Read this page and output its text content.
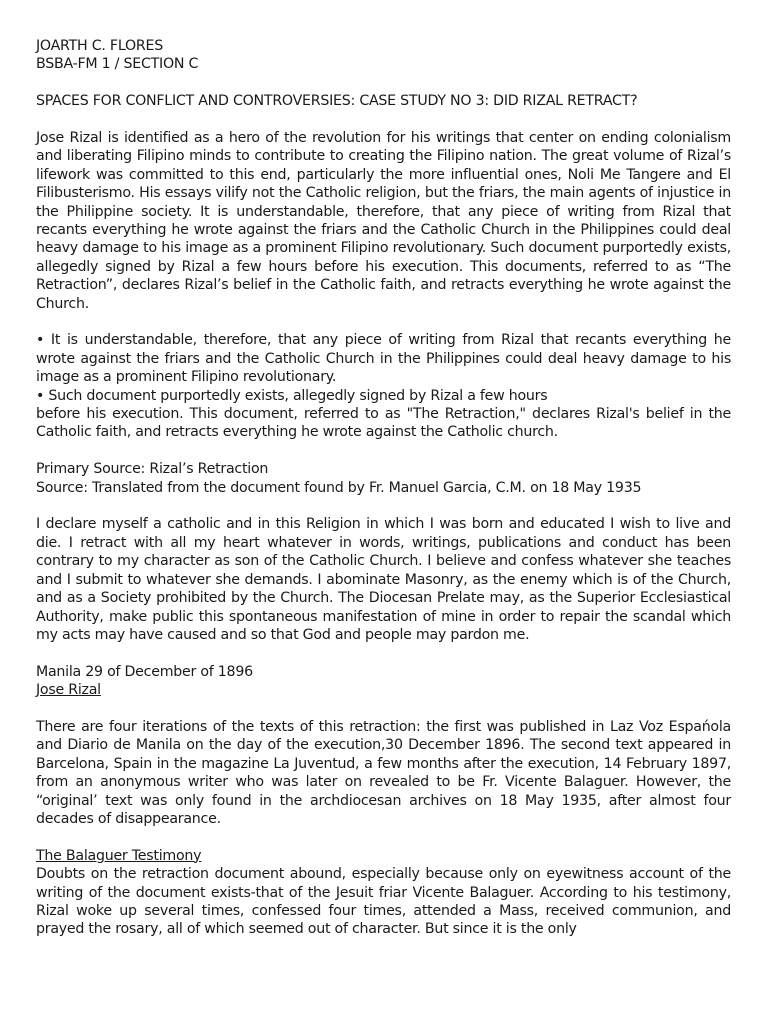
JOARTH C. FLORES
BSBA-FM 1 / SECTION C
SPACES FOR CONFLICT AND CONTROVERSIES: CASE STUDY NO 3: DID RIZAL RETRACT?

Jose Rizal is identified as a hero of the revolution for his writings that center on ending colonialism and liberating Filipino minds to contribute to creating the Filipino nation. The great volume of Rizal’s lifework was committed to this end, particularly the more influential ones, Noli Me Tangere and El Filibusterismo. His essays vilify not the Catholic religion, but the friars, the main agents of injustice in the Philippine society. It is understandable, therefore, that any piece of writing from Rizal that recants everything he wrote against the friars and the Catholic Church in the Philippines could deal heavy damage to his image as a prominent Filipino revolutionary. Such document purportedly exists, allegedly signed by Rizal a few hours before his execution. This documents, referred to as “The Retraction”, declares Rizal’s belief in the Catholic faith, and retracts everything he wrote against the Church.

• It is understandable, therefore, that any piece of writing from Rizal that recants everything he wrote against the friars and the Catholic Church in the Philippines could deal heavy damage to his image as a prominent Filipino revolutionary.

• Such document purportedly exists, allegedly signed by Rizal a few hours

before his execution. This document, referred to as "The Retraction," declares Rizal's belief in the Catholic faith, and retracts everything he wrote against the Catholic church.

Primary Source: Rizal’s Retraction
Source: Translated from the document found by Fr. Manuel Garcia, C.M. on 18 May 1935

I declare myself a catholic and in this Religion in which I was born and educated I wish to live and die. I retract with all my heart whatever in words, writings, publications and conduct has been contrary to my character as son of the Catholic Church. I believe and confess whatever she teaches and I submit to whatever she demands. I abominate Masonry, as the enemy which is of the Church, and as a Society prohibited by the Church. The Diocesan Prelate may, as the Superior Ecclesiastical Authority, make public this spontaneous manifestation of mine in order to repair the scandal which my acts may have caused and so that God and people may pardon me.

Manila 29 of December of 1896
Jose Rizal

There are four iterations of the texts of this retraction: the first was published in Laz Voz Espańola and Diario de Manila on the day of the execution,30 December 1896. The second text appeared in Barcelona, Spain in the magazine La Juventud, a few months after the execution, 14 February 1897, from an anonymous writer who was later on revealed to be Fr. Vicente Balaguer. However, the “original’ text was only found in the archdiocesan archives on 18 May 1935, after almost four decades of disappearance.

The Balaguer Testimony

Doubts on the retraction document abound, especially because only on eyewitness account of the writing of the document exists-that of the Jesuit friar Vicente Balaguer. According to his testimony, Rizal woke up several times, confessed four times, attended a Mass, received communion, and prayed the rosary, all of which seemed out of character. But since it is the only
